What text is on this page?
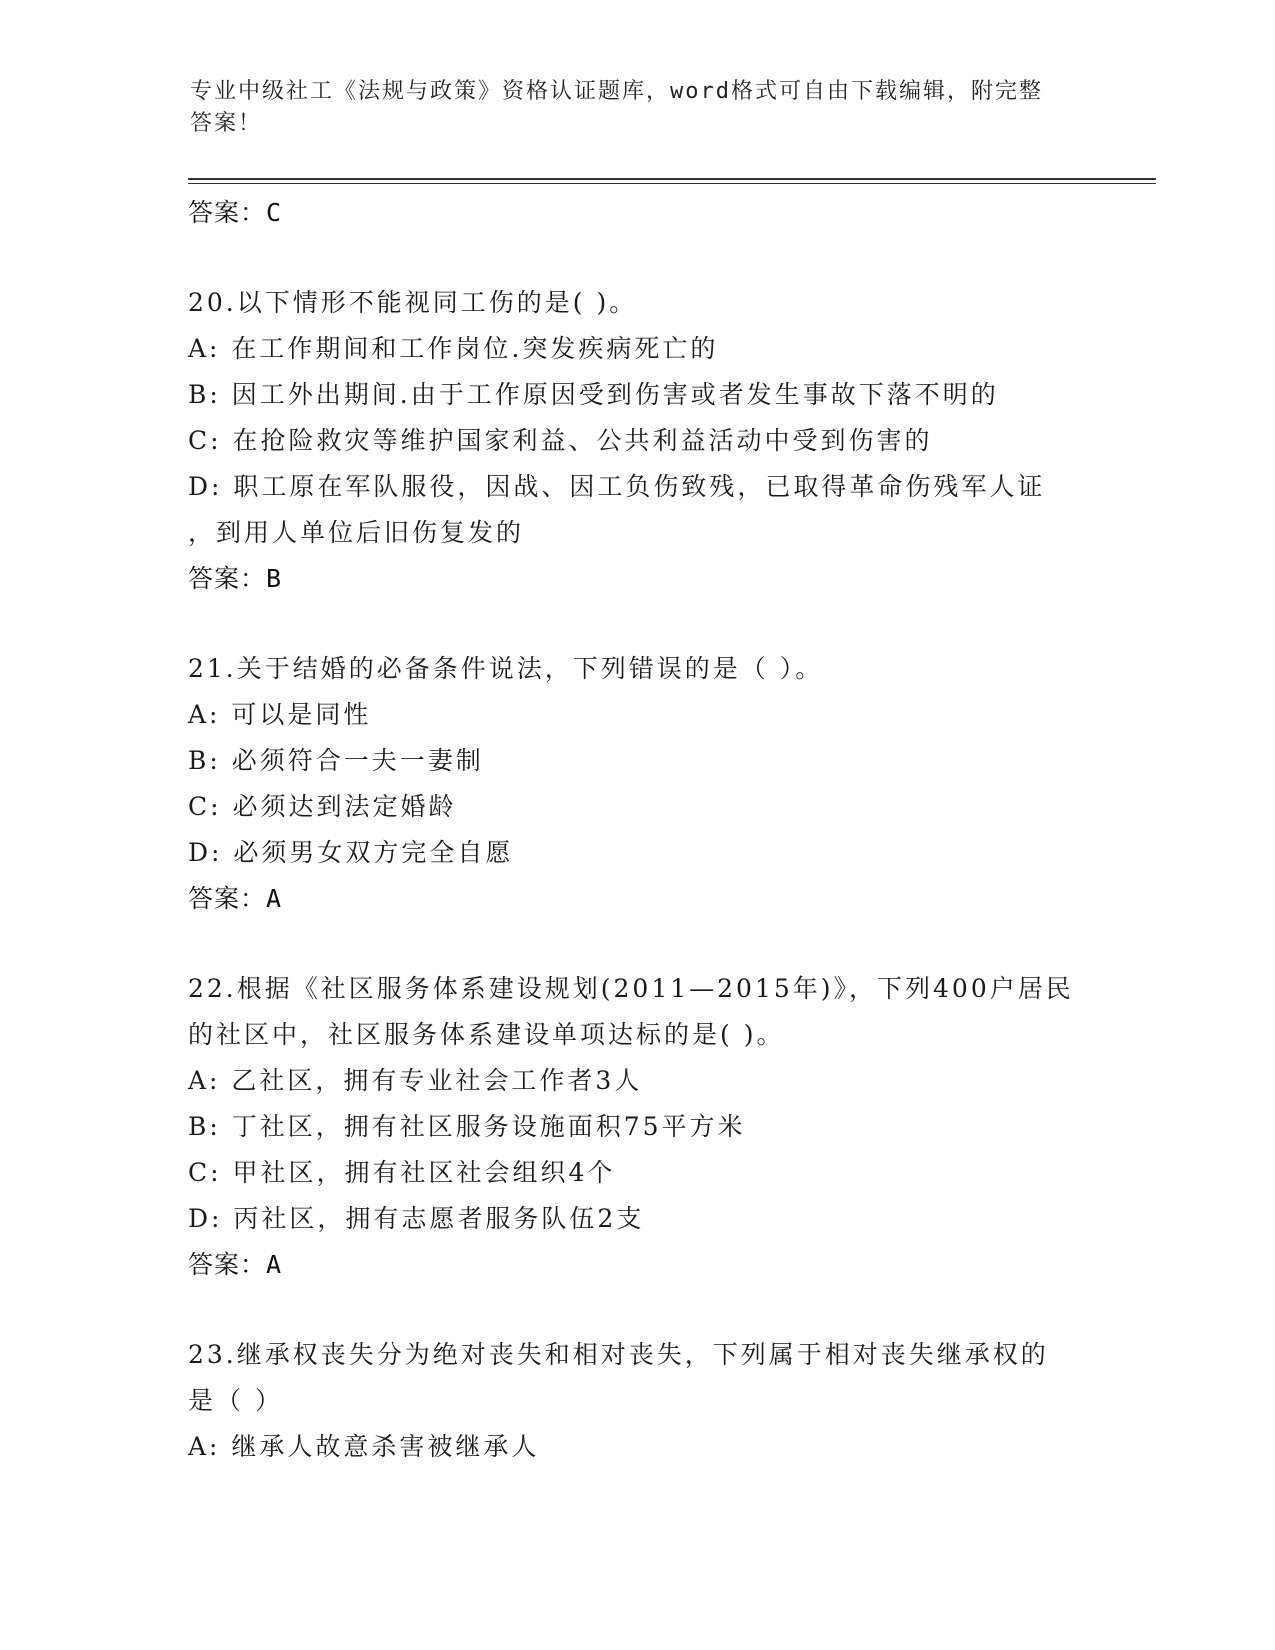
专业中级社工《法规与政策》资格认证题库，word格式可自由下载编辑，附完整
答案！

答案：C

20.以下情形不能视同工伤的是( )。

A: 在工作期间和工作岗位.突发疾病死亡的

B: 因工外出期间.由于工作原因受到伤害或者发生事故下落不明的

C: 在抢险救灾等维护国家利益、公共利益活动中受到伤害的

D: 职工原在军队服役，因战、因工负伤致残，已取得革命伤残军人证

，到用人单位后旧伤复发的

答案：B

21.关于结婚的必备条件说法，下列错误的是（ ）。

A: 可以是同性

B: 必须符合一夫一妻制

C: 必须达到法定婚龄

D: 必须男女双方完全自愿

答案：A

22.根据《社区服务体系建设规划(2011—2015年)》，下列400户居民

的社区中，社区服务体系建设单项达标的是( )。

A: 乙社区，拥有专业社会工作者3人

B: 丁社区，拥有社区服务设施面积75平方米

C: 甲社区，拥有社区社会组织4个

D: 丙社区，拥有志愿者服务队伍2支

答案：A

23.继承权丧失分为绝对丧失和相对丧失，下列属于相对丧失继承权的

是（ ）

A: 继承人故意杀害被继承人
